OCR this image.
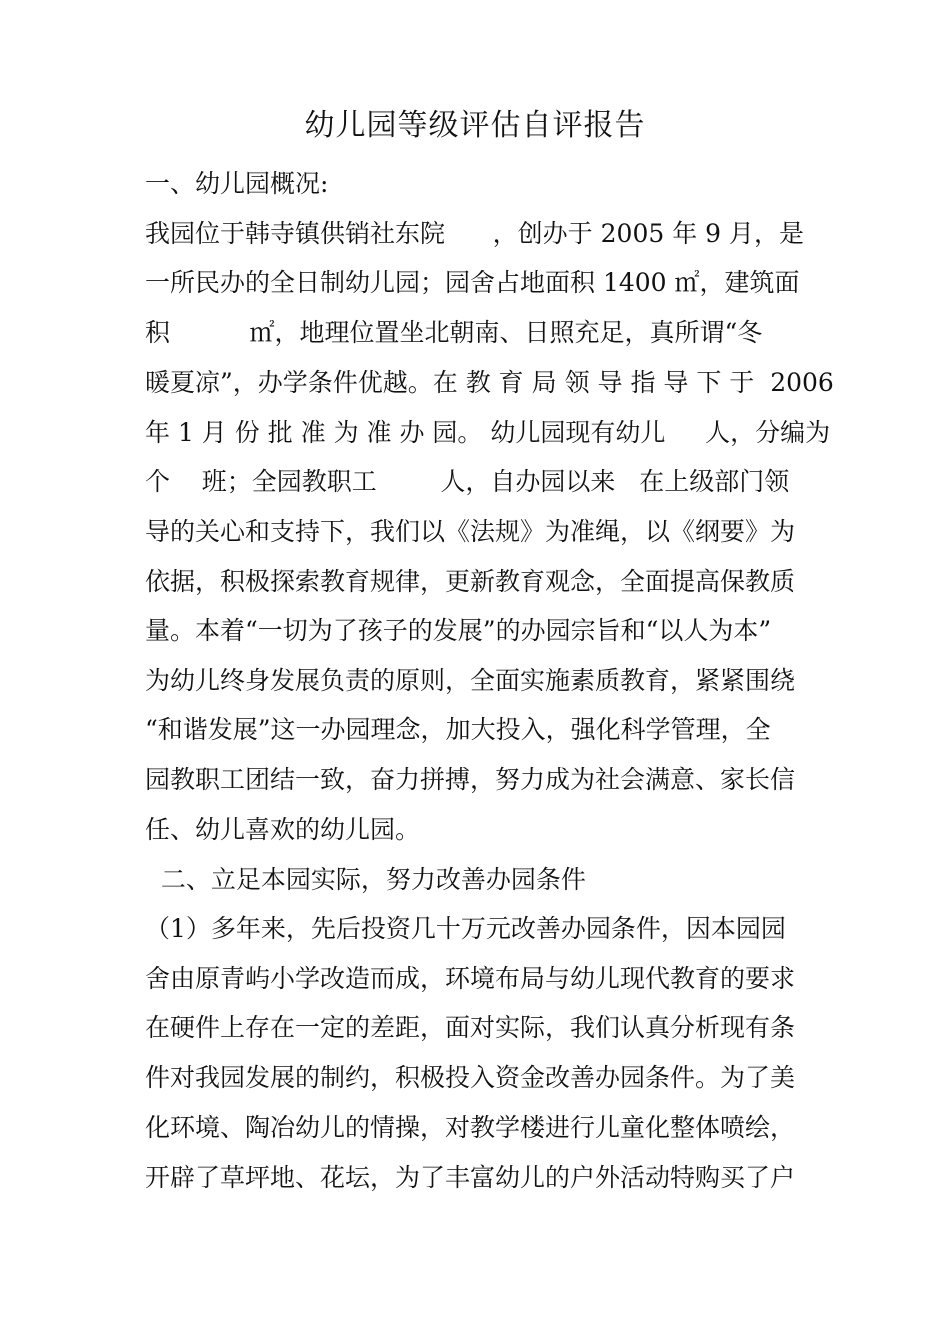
幼儿园等级评估自评报告
一、幼儿园概况:
我园位于韩寺镇供销社东院      ，创办于 2005 年 9 月，是
一所民办的全日制幼儿园；园舍占地面积 1400 ㎡，建筑面
积          ㎡，地理位置坐北朝南、日照充足，真所谓“冬
暖夏凉”，办学条件优越。在 教 育 局 领 导 指 导 下 于  2006
年 1 月 份 批 准 为 准 办 园。 幼儿园现有幼儿     人，分编为
个    班；全园教职工        人，自办园以来   在上级部门领
导的关心和支持下，我们以《法规》为准绳，以《纲要》为
依据，积极探索教育规律，更新教育观念，全面提高保教质
量。本着“一切为了孩子的发展”的办园宗旨和“以人为本”
为幼儿终身发展负责的原则，全面实施素质教育，紧紧围绕
“和谐发展”这一办园理念，加大投入，强化科学管理，全
园教职工团结一致，奋力拼搏，努力成为社会满意、家长信
任、幼儿喜欢的幼儿园。
二、立足本园实际，努力改善办园条件
（1）多年来，先后投资几十万元改善办园条件，因本园园
舍由原青屿小学改造而成，环境布局与幼儿现代教育的要求
在硬件上存在一定的差距，面对实际，我们认真分析现有条
件对我园发展的制约，积极投入资金改善办园条件。为了美
化环境、陶冶幼儿的情操，对教学楼进行儿童化整体喷绘，
开辟了草坪地、花坛，为了丰富幼儿的户外活动特购买了户
